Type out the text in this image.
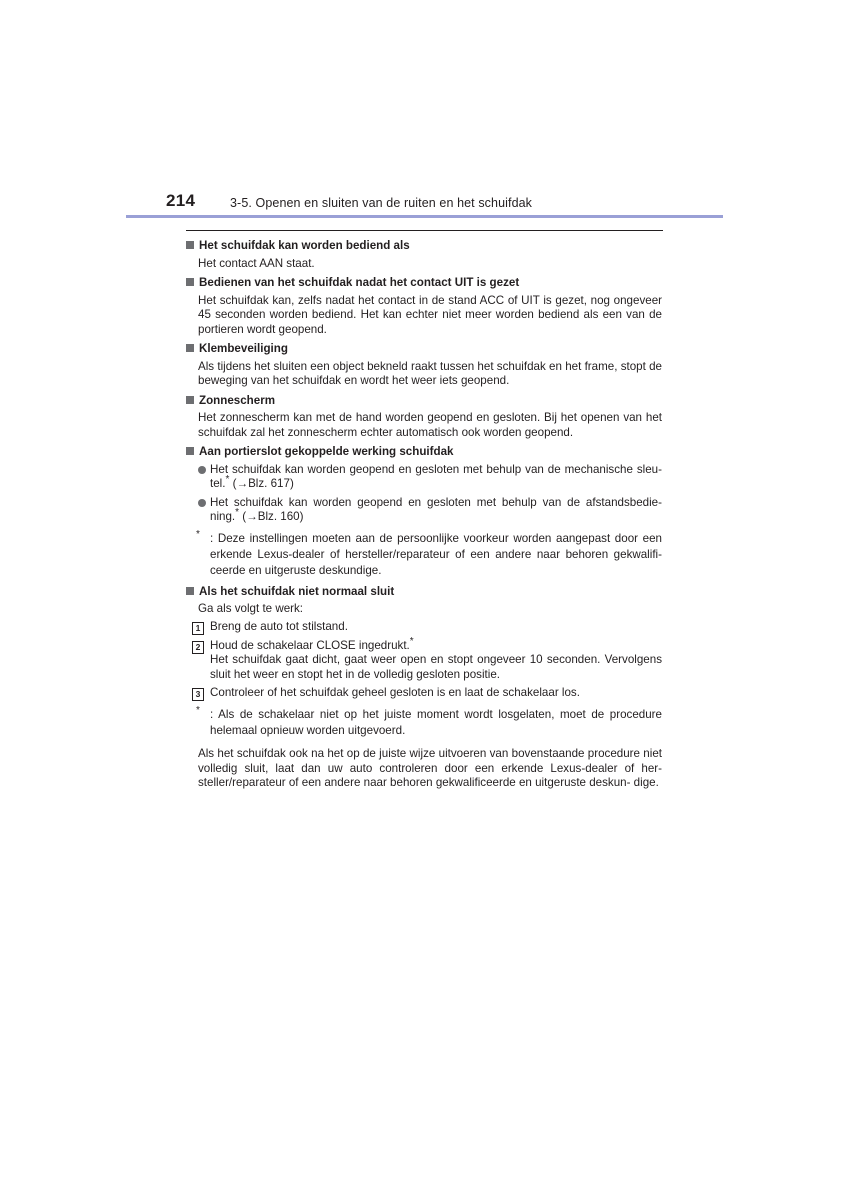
214	3-5. Openen en sluiten van de ruiten en het schuifdak
Het schuifdak kan worden bediend als
Het contact AAN staat.
Bedienen van het schuifdak nadat het contact UIT is gezet
Het schuifdak kan, zelfs nadat het contact in de stand ACC of UIT is gezet, nog ongeveer 45 seconden worden bediend. Het kan echter niet meer worden bediend als een van de portieren wordt geopend.
Klembeveiliging
Als tijdens het sluiten een object bekneld raakt tussen het schuifdak en het frame, stopt de beweging van het schuifdak en wordt het weer iets geopend.
Zonnescherm
Het zonnescherm kan met de hand worden geopend en gesloten. Bij het openen van het schuifdak zal het zonnescherm echter automatisch ook worden geopend.
Aan portierslot gekoppelde werking schuifdak
Het schuifdak kan worden geopend en gesloten met behulp van de mechanische sleu- tel.* (→Blz. 617)
Het schuifdak kan worden geopend en gesloten met behulp van de afstandsbedie- ning.* (→Blz. 160)
* : Deze instellingen moeten aan de persoonlijke voorkeur worden aangepast door een erkende Lexus-dealer of hersteller/reparateur of een andere naar behoren gekwalifi- ceerde en uitgeruste deskundige.
Als het schuifdak niet normaal sluit
Ga als volgt te werk:
1 Breng de auto tot stilstand.
2 Houd de schakelaar CLOSE ingedrukt.*
Het schuifdak gaat dicht, gaat weer open en stopt ongeveer 10 seconden. Vervolgens sluit het weer en stopt het in de volledig gesloten positie.
3 Controleer of het schuifdak geheel gesloten is en laat de schakelaar los.
* : Als de schakelaar niet op het juiste moment wordt losgelaten, moet de procedure helemaal opnieuw worden uitgevoerd.
Als het schuifdak ook na het op de juiste wijze uitvoeren van bovenstaande procedure niet volledig sluit, laat dan uw auto controleren door een erkende Lexus-dealer of her- steller/reparateur of een andere naar behoren gekwalificeerde en uitgeruste deskun- dige.
